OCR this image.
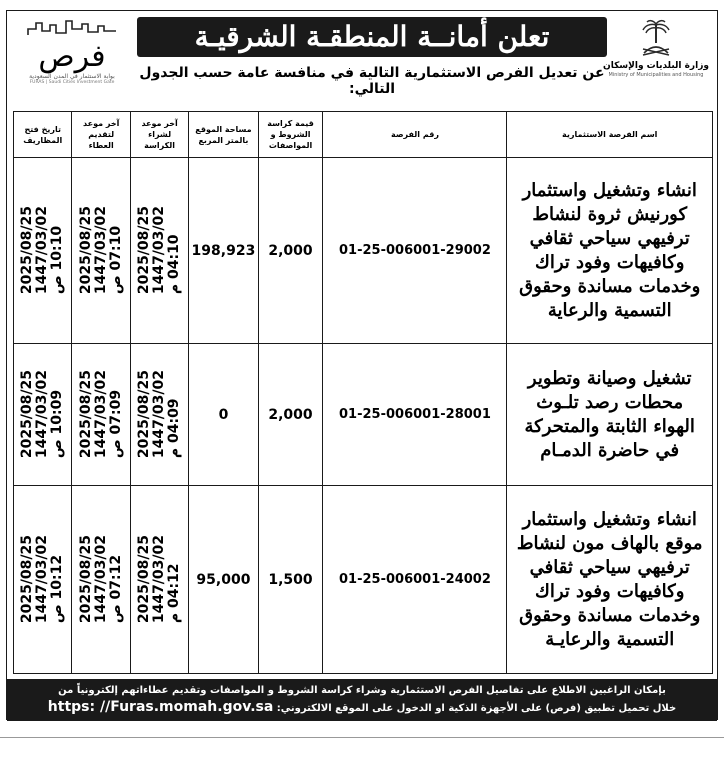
وزارة البلديات والإسكان
Ministry of Municipalities and Housing
تعلن أمانــة المنطقـة الشرقيـة
عن تعديل الفرص الاستثمارية التالية في منافسة عامة حسب الجدول التالي:
فرص
بوابة الاستثمار في المدن السعودية
FURAS | Saudi Cities Investment Gate
اسم الفرصة الاستثمارية	رقم الفرصة	قيمة كراسة الشروط و المواصفات	مساحة الموقع بالمتر المربع	آخر موعد لشراء الكراسة	آخر موعد لتقديم العطاء	تاريخ فتح المظاريف
انشاء وتشغيل واستثمار كورنيش ثروة لنشاط ترفيهي سياحي ثقافي وكافيهات وفود تراك وخدمات مساندة وحقوق التسمية والرعاية	01-25-006001-29002	2,000	198,923	2025/08/25 1447/03/02 04:10 م	2025/08/25 1447/03/02 07:10 ص	2025/08/25 1447/03/02 10:10 ص

تشغيل وصيانة وتطوير محطات رصد تلـوث الهواء الثابتة والمتحركة في حاضرة الدمـام	01-25-006001-28001	2,000	0	2025/08/25 1447/03/02 04:09 م	2025/08/25 1447/03/02 07:09 ص	2025/08/25 1447/03/02 10:09 ص

انشاء وتشغيل واستثمار موقع بالهاف مون لنشاط ترفيهي سياحي ثقافي وكافيهات وفود تراك وخدمات مساندة وحقوق التسمية والرعايـة	01-25-006001-24002	1,500	95,000	2025/08/25 1447/03/02 04:12 م	2025/08/25 1447/03/02 07:12 ص	2025/08/25 1447/03/02 10:12 ص
بإمكان الراغبين الاطلاع على تفاصيل الفرص الاستثمارية وشراء كراسة الشروط و المواصفات وتقديم عطاءاتهم إلكترونياً من
خلال تحميل تطبيق (فرص) على الأجهزة الذكية او الدخول على الموقع الالكتروني: https: //Furas.momah.gov.sa
